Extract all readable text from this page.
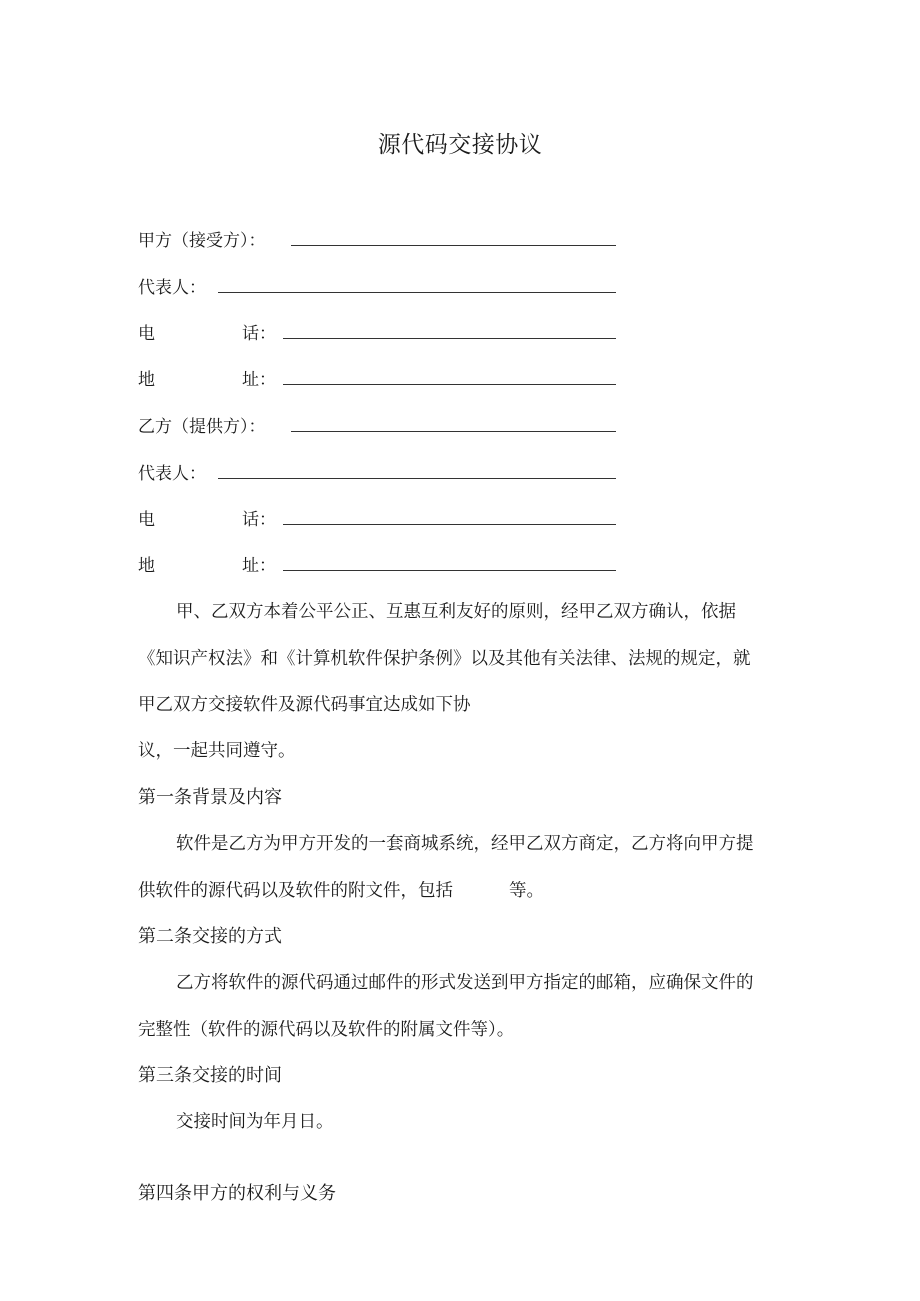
源代码交接协议
甲方（接受方）：
代表人：
电	话：
地	址：
乙方（提供方）：
代表人：
电	话：
地	址：
甲、乙双方本着公平公正、互惠互利友好的原则，经甲乙双方确认，依据
《知识产权法》和《计算机软件保护条例》以及其他有关法律、法规的规定，就
甲乙双方交接软件及源代码事宜达成如下协
议，一起共同遵守。
第一条背景及内容
软件是乙方为甲方开发的一套商城系统，经甲乙双方商定，乙方将向甲方提
供软件的源代码以及软件的附文件，包括	等。
第二条交接的方式
乙方将软件的源代码通过邮件的形式发送到甲方指定的邮箱，应确保文件的
完整性（软件的源代码以及软件的附属文件等）。
第三条交接的时间
交接时间为年月日。
第四条甲方的权利与义务
